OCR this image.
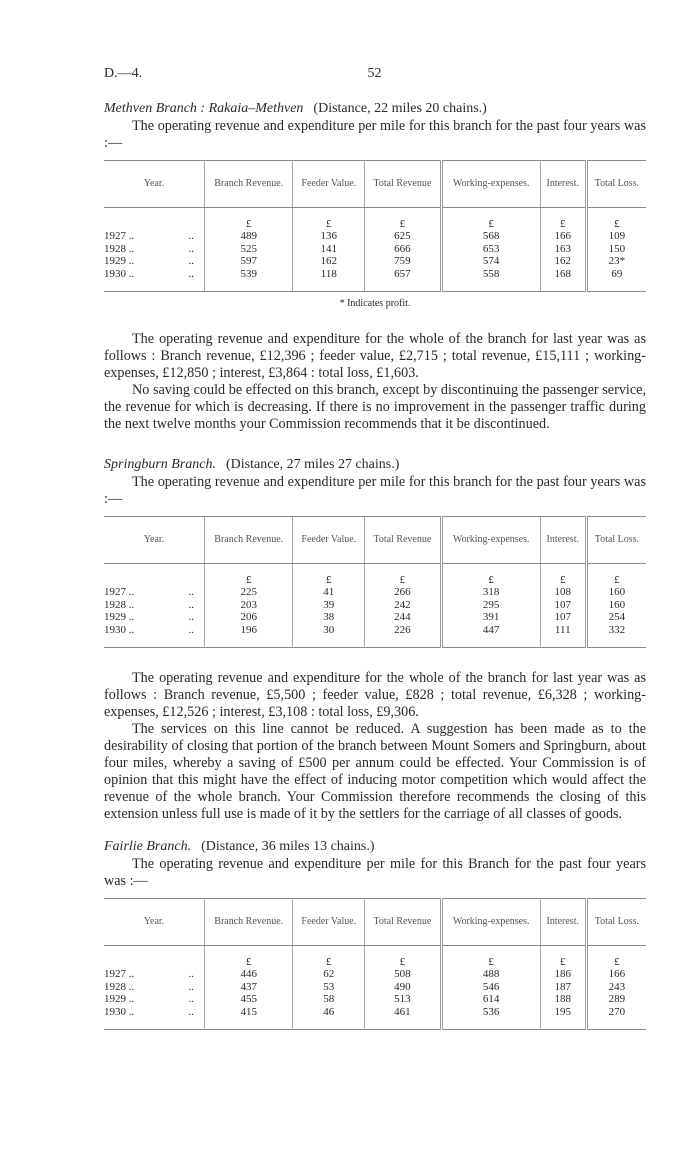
D.—4.	52

Methven Branch : Rakaia–Methven (Distance, 22 miles 20 chains.)

The operating revenue and expenditure per mile for this branch for the past four years was :—

Year.	Branch Revenue.	Feeder Value.	Total Revenue	Working-expenses.	Interest.	Total Loss.
	£	£	£	£	£	£
1927 .. ..	489	136	625	568	166	109
1928 .. ..	525	141	666	653	163	150
1929 .. ..	597	162	759	574	162	23*
1930 .. ..	539	118	657	558	168	69
* Indicates profit.

The operating revenue and expenditure for the whole of the branch for last year was as follows : Branch revenue, £12,396 ; feeder value, £2,715 ; total revenue, £15,111 ; working-expenses, £12,850 ; interest, £3,864 : total loss, £1,603.

No saving could be effected on this branch, except by discontinuing the passenger service, the revenue for which is decreasing. If there is no improvement in the passenger traffic during the next twelve months your Commission recommends that it be discontinued.

Springburn Branch. (Distance, 27 miles 27 chains.)

The operating revenue and expenditure per mile for this branch for the past four years was :—

Year.	Branch Revenue.	Feeder Value.	Total Revenue	Working-expenses.	Interest.	Total Loss.
	£	£	£	£	£	£
1927 .. ..	225	41	266	318	108	160
1928 .. ..	203	39	242	295	107	160
1929 .. ..	206	38	244	391	107	254
1930 .. ..	196	30	226	447	111	332

The operating revenue and expenditure for the whole of the branch for last year was as follows : Branch revenue, £5,500 ; feeder value, £828 ; total revenue, £6,328 ; working-expenses, £12,526 ; interest, £3,108 : total loss, £9,306.

The services on this line cannot be reduced. A suggestion has been made as to the desirability of closing that portion of the branch between Mount Somers and Springburn, about four miles, whereby a saving of £500 per annum could be effected. Your Commission is of opinion that this might have the effect of inducing motor competition which would affect the revenue of the whole branch. Your Commission therefore recommends the closing of this extension unless full use is made of it by the settlers for the carriage of all classes of goods.

Fairlie Branch. (Distance, 36 miles 13 chains.)

The operating revenue and expenditure per mile for this Branch for the past four years was :—

Year.	Branch Revenue.	Feeder Value.	Total Revenue	Working-expenses.	Interest.	Total Loss.
	£	£	£	£	£	£
1927 .. ..	446	62	508	488	186	166
1928 .. ..	437	53	490	546	187	243
1929 .. ..	455	58	513	614	188	289
1930 .. ..	415	46	461	536	195	270
